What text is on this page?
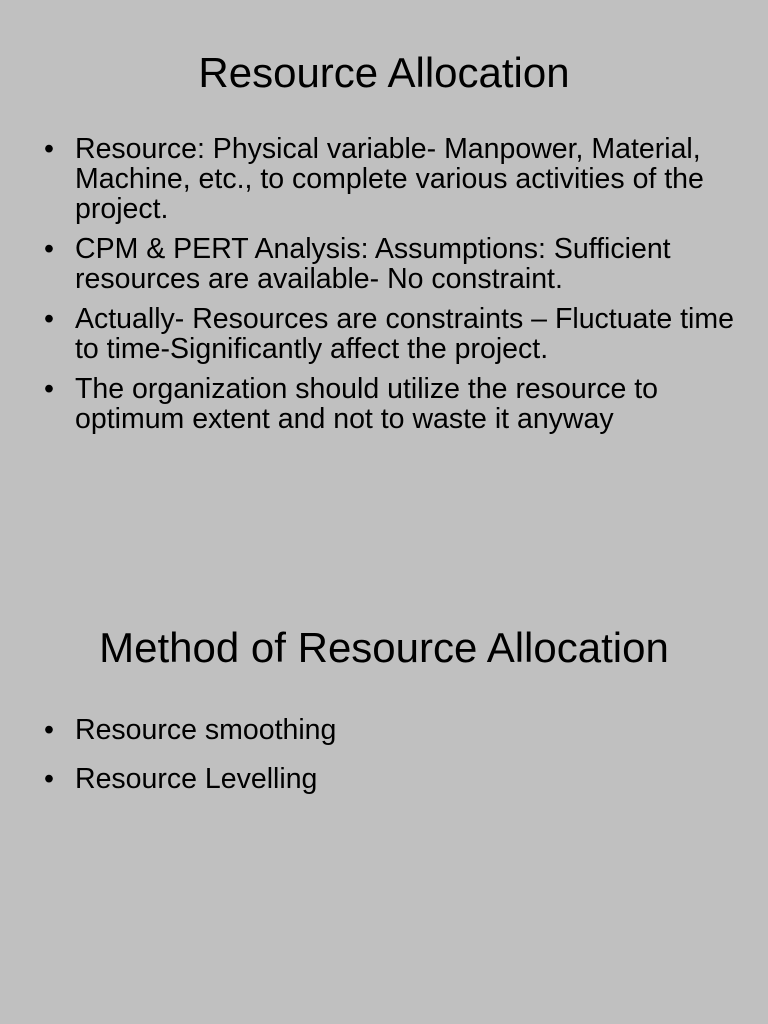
Resource Allocation
• Resource: Physical variable- Manpower, Material, Machine, etc., to complete various activities of the project.
• CPM & PERT Analysis: Assumptions: Sufficient resources are available- No constraint.
• Actually- Resources are constraints – Fluctuate time to time-Significantly affect the project.
• The organization should utilize the resource to optimum extent and not to waste it anyway
Method of Resource Allocation
• Resource smoothing
• Resource Levelling
